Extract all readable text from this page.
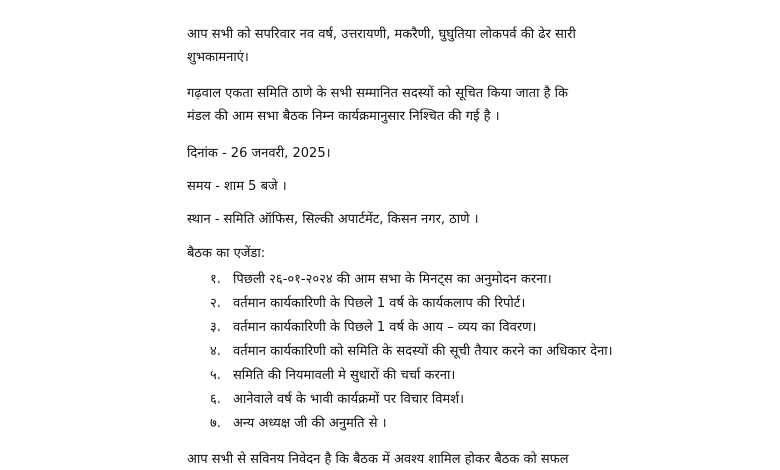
आप सभी को सपरिवार नव वर्ष, उत्तरायणी, मकरैणी, घुघुतिया लोकपर्व की ढेर सारी
शुभकामनाएं।
गढ़वाल एकता समिति ठाणे के सभी सम्मानित सदस्यों को सूचित किया जाता है कि
मंडल की आम सभा बैठक निम्न कार्यक्रमानुसार निश्चित की गई है ।
दिनांक - 26 जनवरी, 2025।
समय - शाम 5 बजे ।
स्थान - समिति ऑफिस, सिल्की अपार्टमेंट, किसन नगर, ठाणे ।
बैठक का एजेंडा:
१. पिछली २६-०१-२०२४ की आम सभा के मिनट्स का अनुमोदन करना।
२. वर्तमान कार्यकारिणी के पिछले 1 वर्ष के कार्यकलाप की रिपोर्ट।
३. वर्तमान कार्यकारिणी के पिछले 1 वर्ष के आय – व्यय का विवरण।
४. वर्तमान कार्यकारिणी को समिति के सदस्यों की सूची तैयार करने का अधिकार देना।
५. समिति की नियमावली मे सुधारों की चर्चा करना।
६. आनेवाले वर्ष के भावी कार्यक्रमों पर विचार विमर्श।
७. अन्य अध्यक्ष जी की अनुमति से ।
आप सभी से सविनय निवेदन है कि बैठक में अवश्य शामिल होकर बैठक को सफल
